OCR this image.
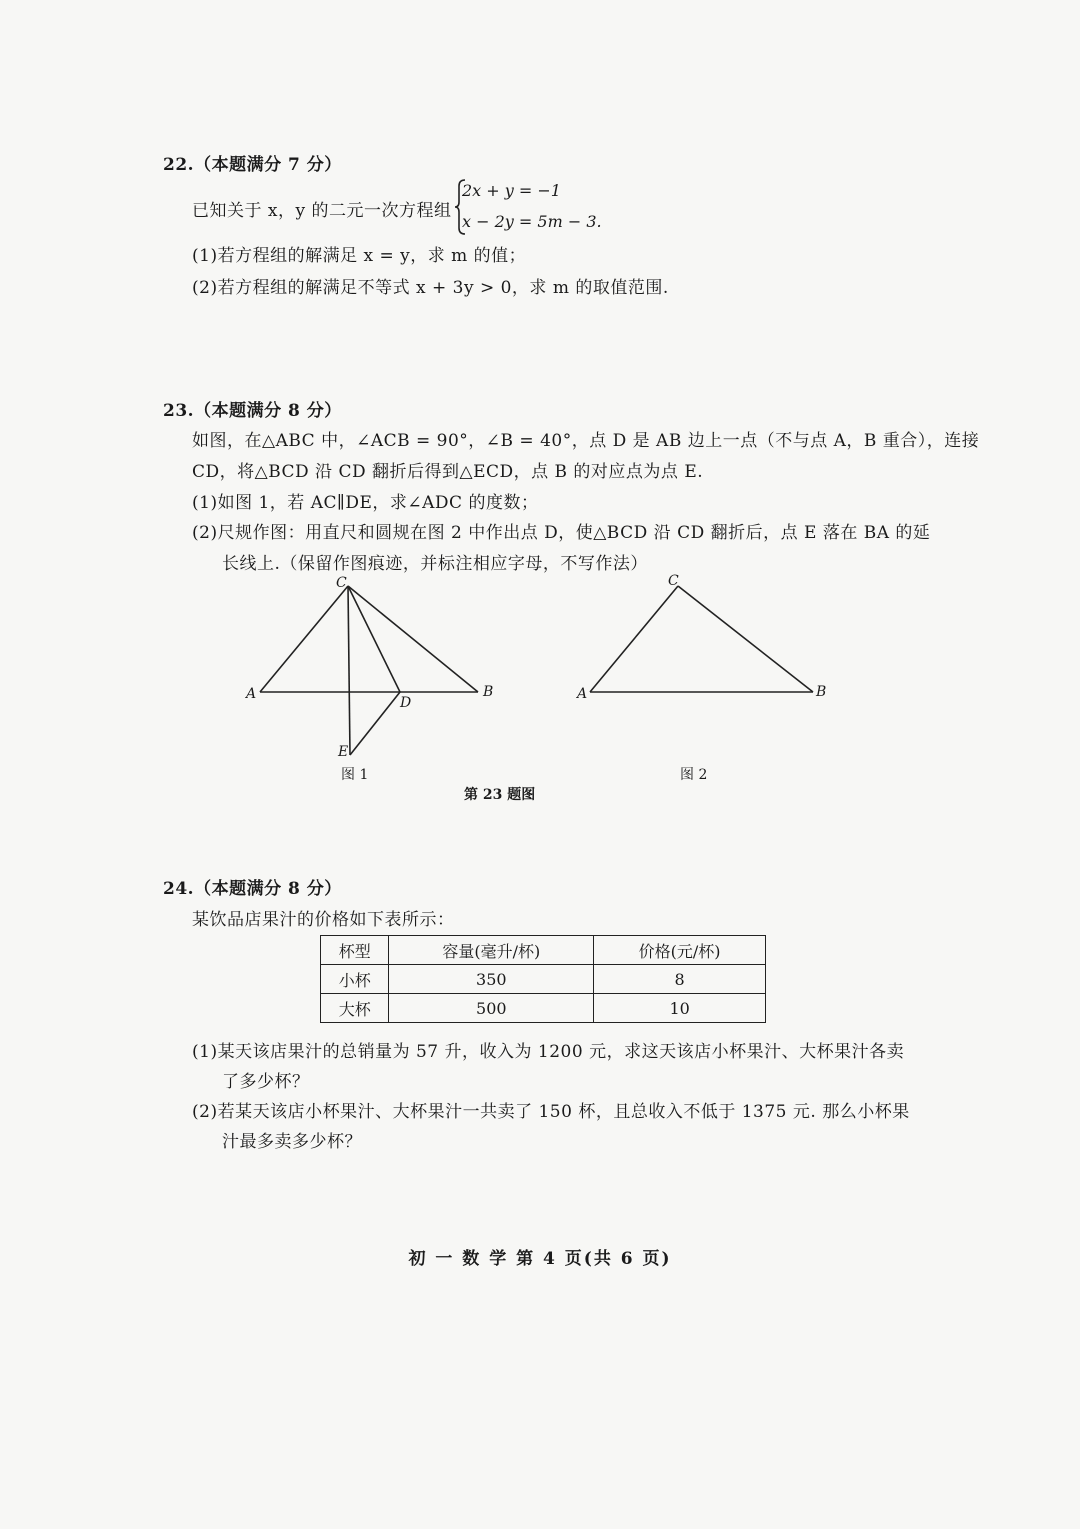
22.（本题满分 7 分）
已知关于 x，y 的二元一次方程组
2x + y = −1
x − 2y = 5m − 3.
(1)若方程组的解满足 x = y，求 m 的值；
(2)若方程组的解满足不等式 x + 3y > 0，求 m 的取值范围.
23.（本题满分 8 分）
如图，在△ABC 中，∠ACB = 90°，∠B = 40°，点 D 是 AB 边上一点（不与点 A，B 重合），连接
CD，将△BCD 沿 CD 翻折后得到△ECD，点 B 的对应点为点 E.
(1)如图 1，若 AC∥DE，求∠ADC 的度数；
(2)尺规作图：用直尺和圆规在图 2 中作出点 D，使△BCD 沿 CD 翻折后，点 E 落在 BA 的延
长线上.（保留作图痕迹，并标注相应字母，不写作法）
C
A	B
D
E
图 1
C
A	B
图 2
第 23 题图
24.（本题满分 8 分）
某饮品店果汁的价格如下表所示：
杯型	容量(毫升/杯)	价格(元/杯)
小杯	350	8
大杯	500	10
(1)某天该店果汁的总销量为 57 升，收入为 1200 元，求这天该店小杯果汁、大杯果汁各卖
了多少杯？
(2)若某天该店小杯果汁、大杯果汁一共卖了 150 杯，且总收入不低于 1375 元. 那么小杯果
汁最多卖多少杯？
初 一 数 学 第 4 页(共 6 页)
